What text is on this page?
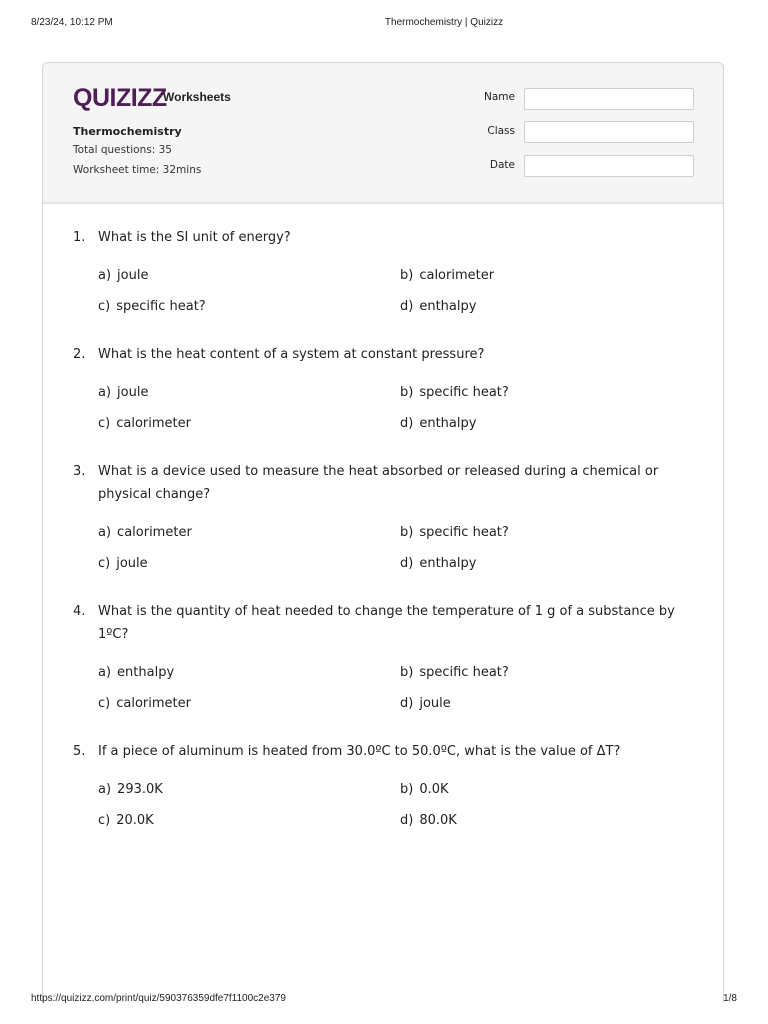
8/23/24, 10:12 PM	Thermochemistry | Quizizz
QUIZIZZ
Worksheets
Thermochemistry
Total questions: 35
Worksheet time: 32mins
Name
Class
Date
1. What is the SI unit of energy?
a) joule	b) calorimeter
c) specific heat?	d) enthalpy
2. What is the heat content of a system at constant pressure?
a) joule	b) specific heat?
c) calorimeter	d) enthalpy
3. What is a device used to measure the heat absorbed or released during a chemical or physical change?
a) calorimeter	b) specific heat?
c) joule	d) enthalpy
4. What is the quantity of heat needed to change the temperature of 1 g of a substance by 1ºC?
a) enthalpy	b) specific heat?
c) calorimeter	d) joule
5. If a piece of aluminum is heated from 30.0ºC to 50.0ºC, what is the value of ΔT?
a) 293.0K	b) 0.0K
c) 20.0K	d) 80.0K
https://quizizz.com/print/quiz/590376359dfe7f1100c2e379	1/8
